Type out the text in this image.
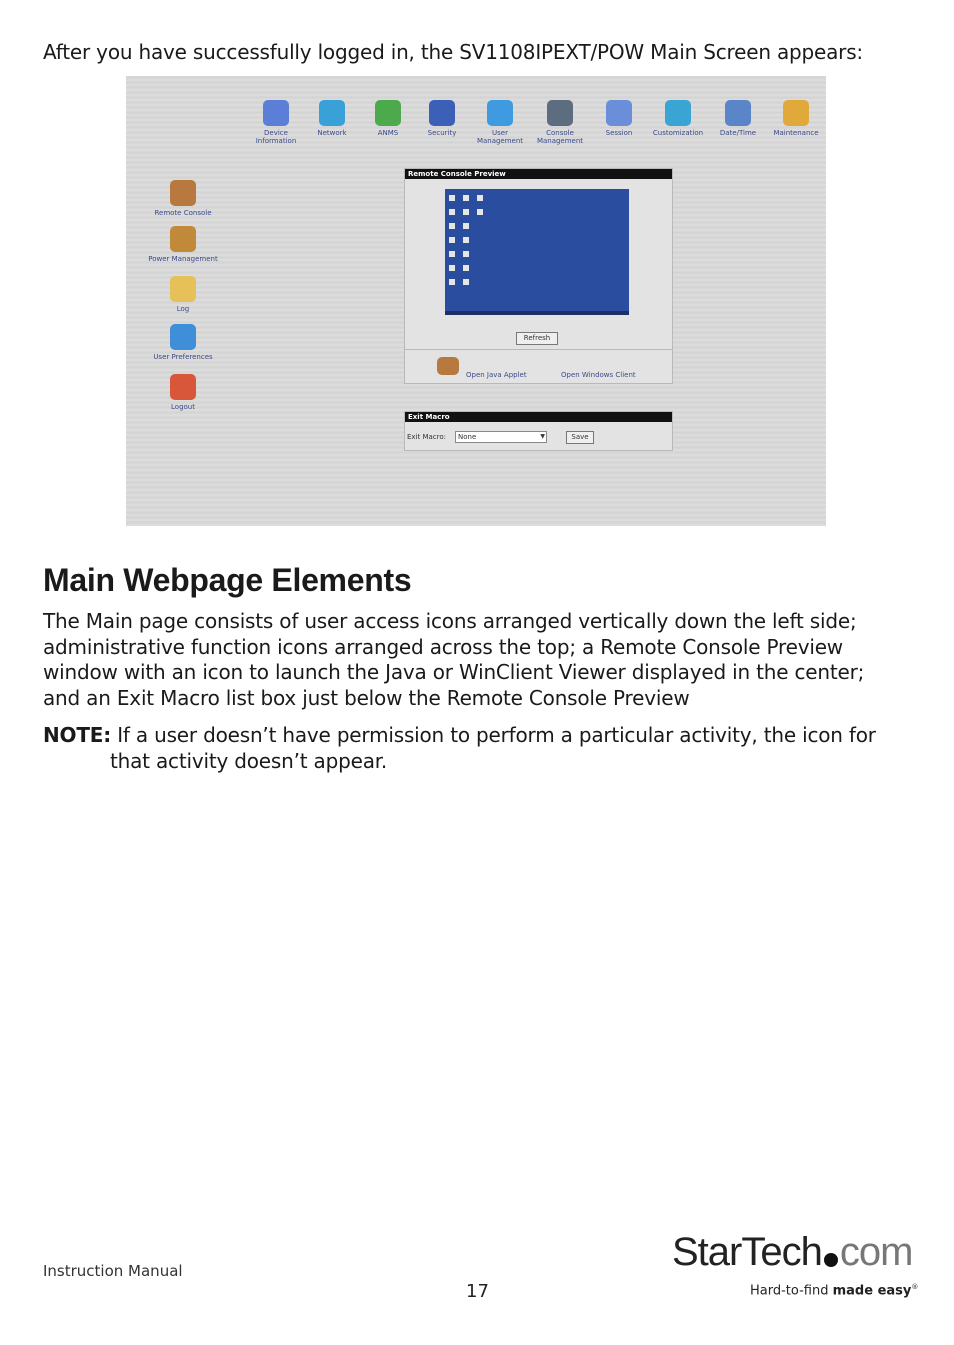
After you have successfully logged in, the SV1108IPEXT/POW Main Screen appears:
Device Information
Network	ANMS	Security	User Management
Console Management
Session	Customization	Date/Time	Maintenance
Remote Console
Power Management
Log
User Preferences
Logout
Remote Console Preview
Refresh
Open Java Applet	Open Windows Client
Exit Macro
Exit Macro:	None	▼	Save
Main Webpage Elements
The Main page consists of user access icons arranged vertically down the left side;
administrative function icons arranged across the top; a Remote Console Preview
window with an icon to launch the Java or WinClient Viewer displayed in the center;
and an Exit Macro list box just below the Remote Console Preview
NOTE: If a user doesn’t have permission to perform a particular activity, the icon for
that activity doesn’t appear.
Instruction Manual
17
StarTech com
Hard-to-find made easy®
